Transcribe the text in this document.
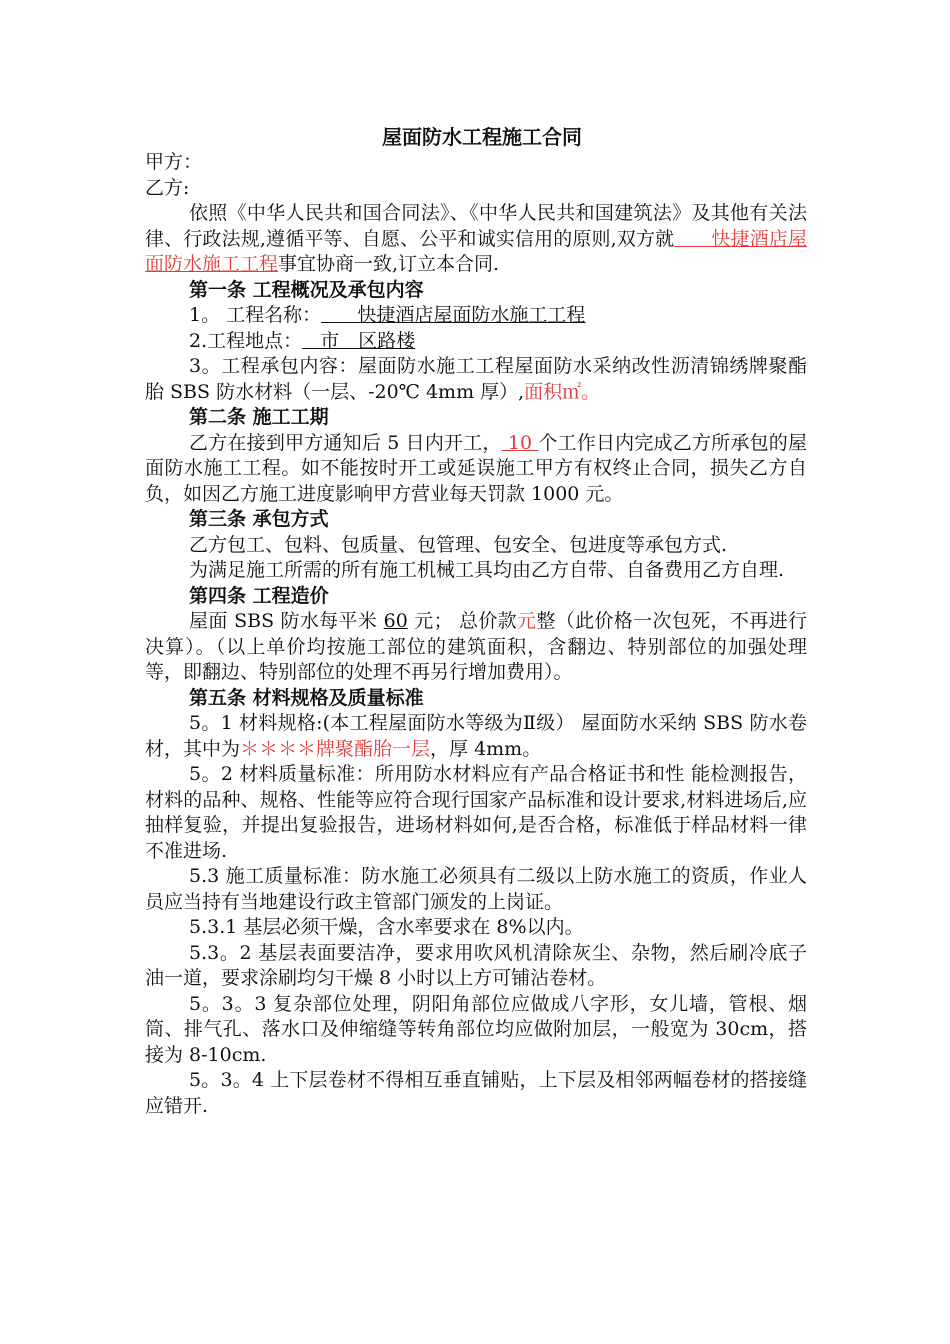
屋面防水工程施工合同

甲方：

乙方:

依照《中华人民共和国合同法》、《中华人民共和国建筑法》及其他有关法律、行政法规,遵循平等、自愿、公平和诚实信用的原则,双方就 快捷酒店屋面防水施工工程事宜协商一致,订立本合同.

第一条 工程概况及承包内容

1。 工程名称： 快捷酒店屋面防水施工工程

2.工程地点： 市　区路楼

3。工程承包内容：屋面防水施工工程屋面防水采纳改性沥清锦绣牌聚酯胎 SBS 防水材料（一层、-20℃ 4mm 厚）,面积㎡。

第二条 施工工期

乙方在接到甲方通知后 5 日内开工， 10 个工作日内完成乙方所承包的屋面防水施工工程。如不能按时开工或延误施工甲方有权终止合同，损失乙方自负，如因乙方施工进度影响甲方营业每天罚款 1000 元。

第三条 承包方式

乙方包工、包料、包质量、包管理、包安全、包进度等承包方式.

为满足施工所需的所有施工机械工具均由乙方自带、自备费用乙方自理.

第四条 工程造价

屋面 SBS 防水每平米 60 元； 总价款元整（此价格一次包死，不再进行决算）。（以上单价均按施工部位的建筑面积，含翻边、特别部位的加强处理等，即翻边、特别部位的处理不再另行增加费用）。

第五条 材料规格及质量标准

5。1 材料规格:(本工程屋面防水等级为Ⅱ级） 屋面防水采纳 SBS 防水卷材，其中为＊＊＊＊牌聚酯胎一层，厚 4mm。

5。2 材料质量标准：所用防水材料应有产品合格证书和性 能检测报告，材料的品种、规格、性能等应符合现行国家产品标准和设计要求,材料进场后,应抽样复验，并提出复验报告，进场材料如何,是否合格，标准低于样品材料一律不准进场.

5.3 施工质量标准：防水施工必须具有二级以上防水施工的资质，作业人员应当持有当地建设行政主管部门颁发的上岗证。

5.3.1 基层必须干燥，含水率要求在 8%以内。

5.3。2 基层表面要洁净，要求用吹风机清除灰尘、杂物，然后刷冷底子油一道，要求涂刷均匀干燥 8 小时以上方可铺沾卷材。

5。3。3 复杂部位处理，阴阳角部位应做成八字形，女儿墙，管根、烟筒、排气孔、落水口及伸缩缝等转角部位均应做附加层，一般宽为 30cm，搭接为 8-10cm.

5。3。4 上下层卷材不得相互垂直铺贴，上下层及相邻两幅卷材的搭接缝应错开.
